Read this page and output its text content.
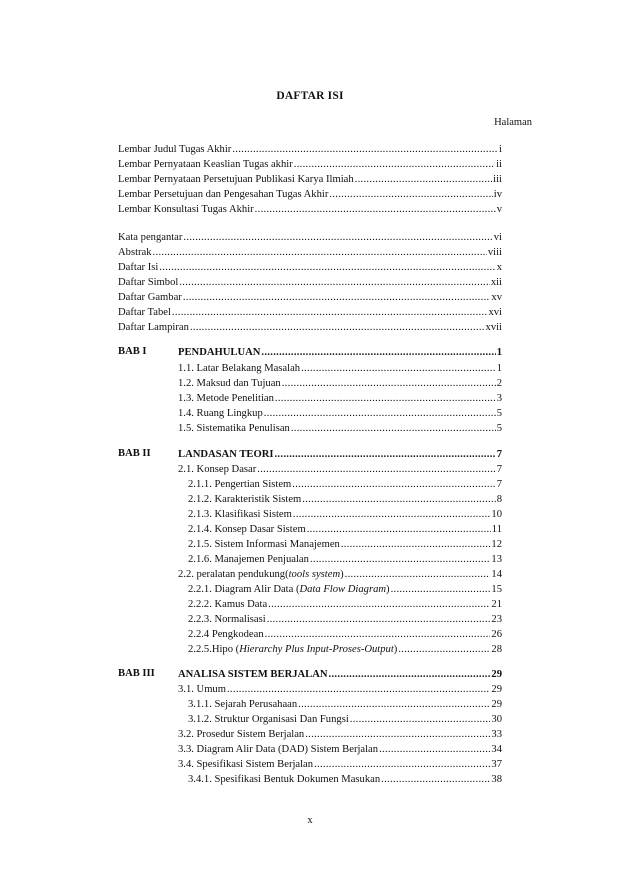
DAFTAR ISI
Halaman
Lembar Judul Tugas Akhir .....	i
Lembar Pernyataan Keaslian Tugas akhir .....	ii
Lembar Pernyataan Persetujuan Publikasi Karya Ilmiah .....	iii
Lembar Persetujuan dan Pengesahan Tugas Akhir .....	iv
Lembar Konsultasi Tugas Akhir .....	v
Kata pengantar .....	vi
Abstrak .....	viii
Daftar Isi .....	x
Daftar Simbol .....	xii
Daftar Gambar .....	xv
Daftar Tabel .....	xvi
Daftar Lampiran .....	xvii
BAB I	PENDAHULUAN .....	1
1.1. Latar Belakang Masalah .....	1
1.2. Maksud dan Tujuan .....	2
1.3. Metode Penelitian .....	3
1.4. Ruang Lingkup .....	5
1.5. Sistematika Penulisan .....	5
BAB II	LANDASAN TEORI .....	7
2.1. Konsep Dasar .....	7
2.1.1. Pengertian Sistem .....	7
2.1.2. Karakteristik Sistem .....	8
2.1.3. Klasifikasi Sistem .....	10
2.1.4. Konsep Dasar Sistem .....	11
2.1.5. Sistem Informasi Manajemen .....	12
2.1.6. Manajemen Penjualan .....	13
2.2. peralatan pendukung(tools system) .....	14
2.2.1. Diagram Alir Data (Data Flow Diagram) .....	15
2.2.2. Kamus Data .....	21
2.2.3. Normalisasi .....	23
2.2.4 Pengkodean .....	26
2.2.5.Hipo (Hierarchy Plus Input-Proses-Output) .....	28
BAB III ANALISA SISTEM BERJALAN .....	29
3.1. Umum .....	29
3.1.1. Sejarah Perusahaan .....	29
3.1.2. Struktur Organisasi Dan Fungsi .....	30
3.2. Prosedur Sistem Berjalan .....	33
3.3. Diagram Alir Data (DAD) Sistem Berjalan .....	34
3.4. Spesifikasi Sistem Berjalan .....	37
3.4.1. Spesifikasi Bentuk Dokumen Masukan .....	38
x
